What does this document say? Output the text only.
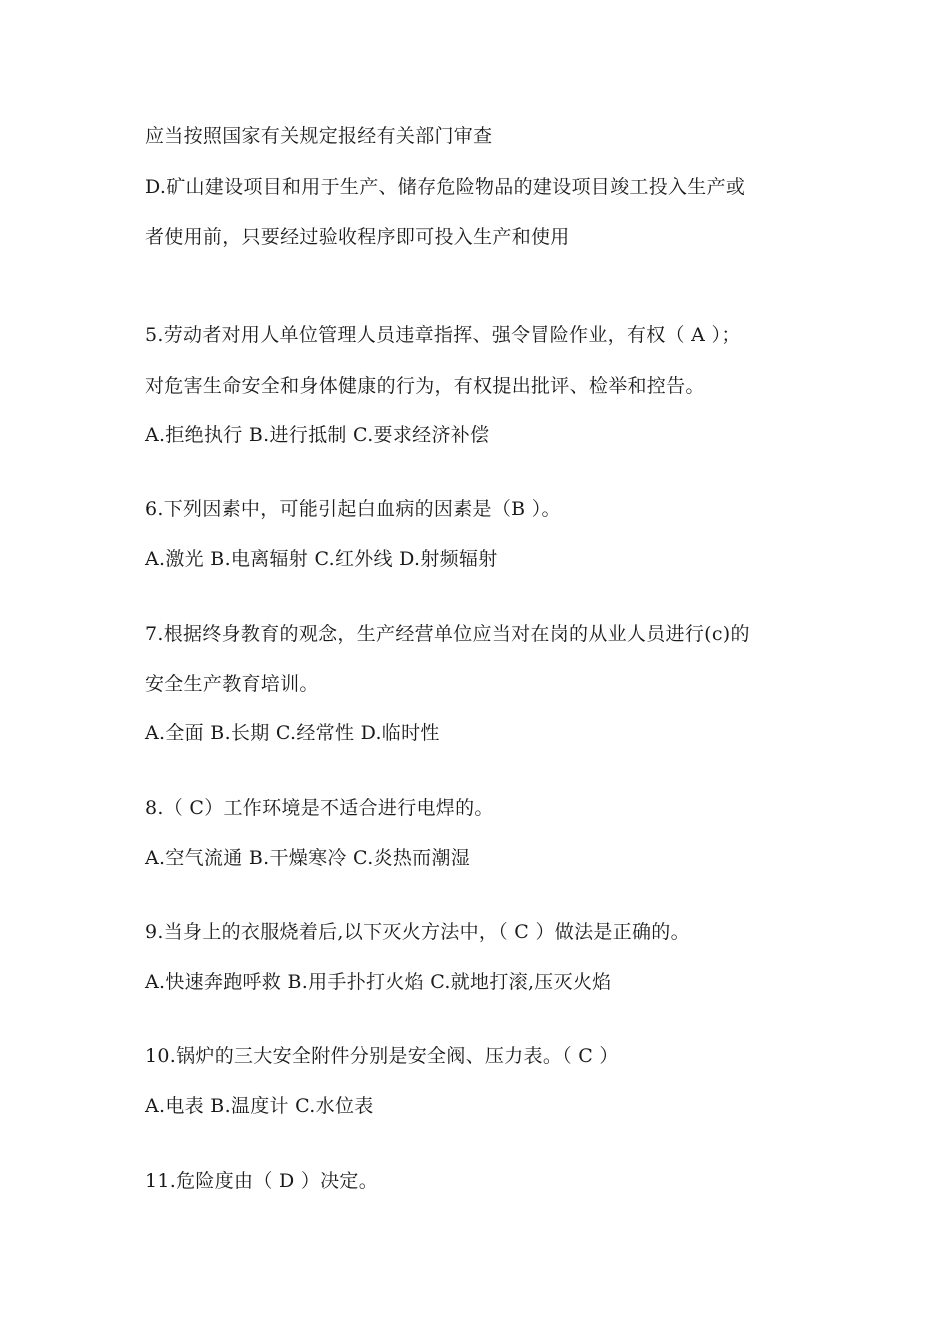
应当按照国家有关规定报经有关部门审查
D.矿山建设项目和用于生产、储存危险物品的建设项目竣工投入生产或
者使用前，只要经过验收程序即可投入生产和使用
5.劳动者对用人单位管理人员违章指挥、强令冒险作业，有权（ A ）；
对危害生命安全和身体健康的行为，有权提出批评、检举和控告。
A.拒绝执行 B.进行抵制 C.要求经济补偿
6.下列因素中，可能引起白血病的因素是（B ）。
A.激光 B.电离辐射 C.红外线 D.射频辐射
7.根据终身教育的观念，生产经营单位应当对在岗的从业人员进行(c)的
安全生产教育培训。
A.全面 B.长期 C.经常性 D.临时性
8.（ C）工作环境是不适合进行电焊的。
A.空气流通 B.干燥寒冷 C.炎热而潮湿
9.当身上的衣服烧着后,以下灭火方法中，（ C ）做法是正确的。
A.快速奔跑呼救 B.用手扑打火焰 C.就地打滚,压灭火焰
10.锅炉的三大安全附件分别是安全阀、压力表。（ C ）
A.电表 B.温度计 C.水位表
11.危险度由（ D ）决定。
